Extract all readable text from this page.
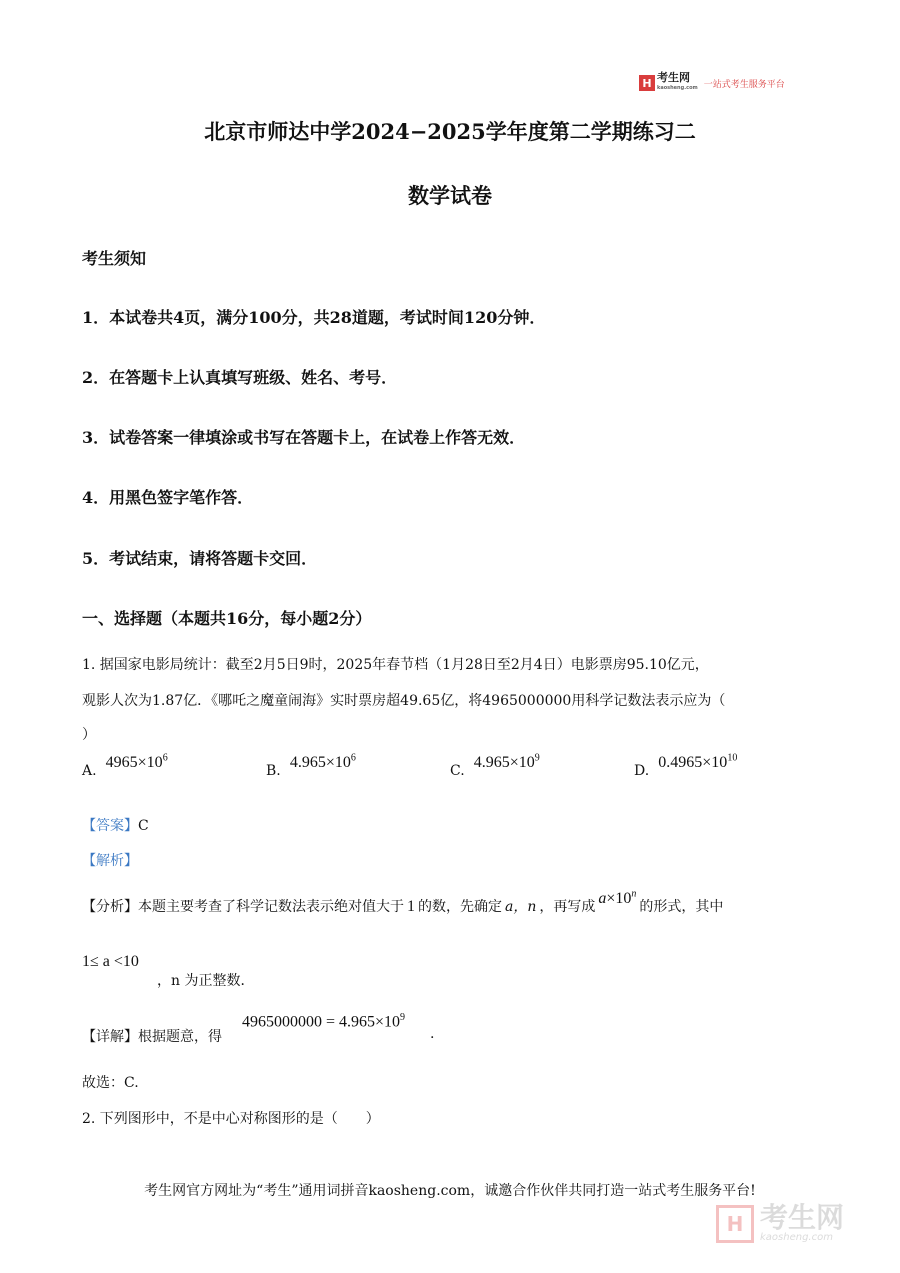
H 考生网
kaosheng.com 一站式考生服务平台
北京市师达中学2024−2025学年度第二学期练习二
数学试卷
考生须知
1．本试卷共4页，满分100分，共28道题，考试时间120分钟．
2．在答题卡上认真填写班级、姓名、考号．
3．试卷答案一律填涂或书写在答题卡上，在试卷上作答无效．
4．用黑色签字笔作答．
5．考试结束，请将答题卡交回．
一、选择题（本题共16分，每小题2分）
1. 据国家电影局统计：截至2月5日9时，2025年春节档（1月28日至2月4日）电影票房95.10亿元，
观影人次为1.87亿．《哪吒之魔童闹海》实时票房超49.65亿，将4965000000用科学记数法表示应为（
）
A. $4965\times 10^6$
B. $4.965\times 10^6$
C. $4.965\times 10^9$
D. $0.4965\times 10^{10}$
【答案】C
【解析】
【分析】本题主要考查了科学记数法表示绝对值大于 1 的数，先确定 a，n ，再写成 $a\times 10^n$的形式，其中
1≤ a <10
，n 为正整数．
【详解】根据题意，得
$4965000000 = 4.965\times 10^9$
.
故选：C.
2. 下列图形中，不是中心对称图形的是（　　）
考生网官方网址为“考生”通用词拼音kaosheng.com，诚邀合作伙伴共同打造一站式考生服务平台!
H 考生网
kaosheng.com
